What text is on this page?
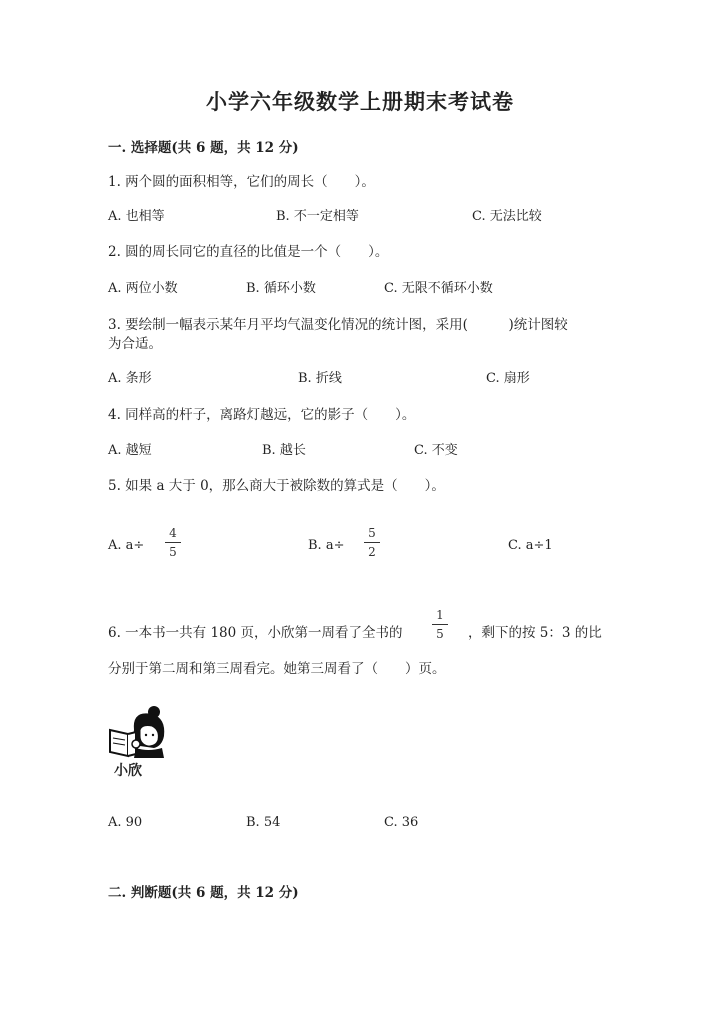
小学六年级数学上册期末考试卷
一. 选择题(共 6 题，共 12 分)
1. 两个圆的面积相等，它们的周长（　　）。
A. 也相等	B. 不一定相等	C. 无法比较
2. 圆的周长同它的直径的比值是一个（　　）。
A. 两位小数	B. 循环小数	C. 无限不循环小数
3. 要绘制一幅表示某年月平均气温变化情况的统计图，采用(　　　)统计图较
为合适。
A. 条形	B. 折线	C. 扇形
4. 同样高的杆子，离路灯越远，它的影子（　　）。
A. 越短	B. 越长	C. 不变
5. 如果 a 大于 0，那么商大于被除数的算式是（　　）。
A. a÷
4
5	B. a÷
5
2	C. a÷1
6. 一本书一共有 180 页，小欣第一周看了全书的
1
5	，剩下的按 5：3 的比
分别于第二周和第三周看完。她第三周看了（　　）页。
小欣
A. 90	B. 54	C. 36
二. 判断题(共 6 题，共 12 分)
